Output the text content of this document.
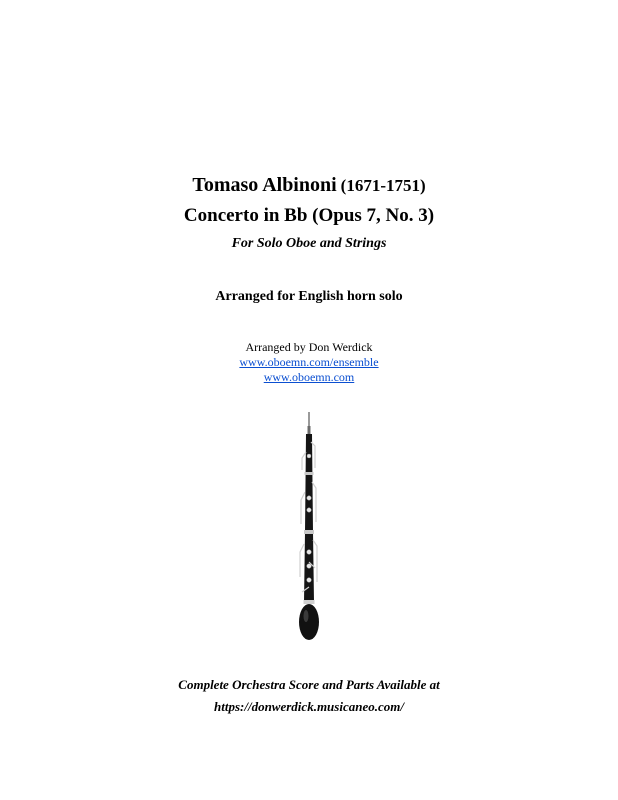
Tomaso Albinoni (1671-1751)
Concerto in Bb (Opus 7, No. 3)
For Solo Oboe and Strings
Arranged for English horn solo
Arranged by Don Werdick
www.oboemn.com/ensemble
www.oboemn.com
Complete Orchestra Score and Parts Available at
https://donwerdick.musicaneo.com/
